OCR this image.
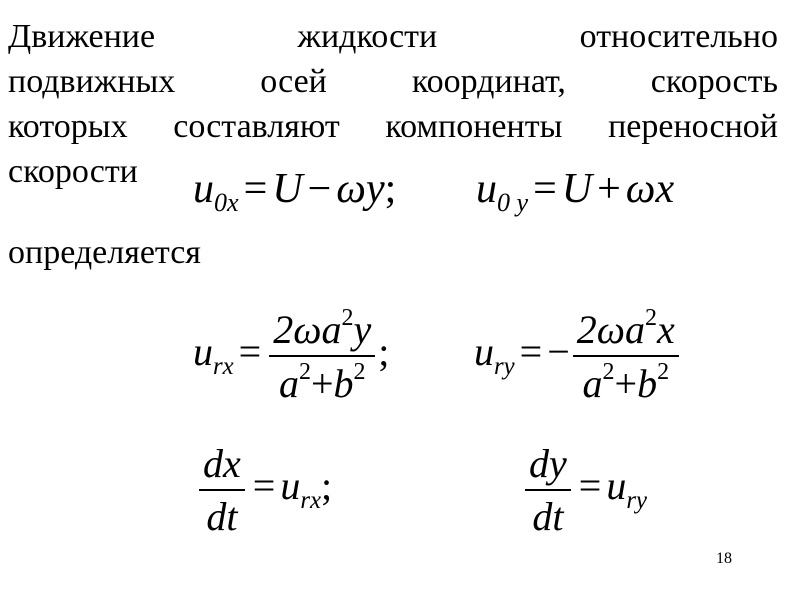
Движение жидкости относительно
подвижных осей координат, скорость
которых составляют компоненты переносной
скорости	$u_{0x} = U - \omega y$; $u_{0 y} = U + \omega x$
определяется
$u_{rx} = \frac{2\omega a^2y}{a^2+b^2}$ ; $u_{ry}$ = − $\frac{2\omega a^2x}{a^2+b^2}$
$\frac{dx}{dt} = u_{rx}$;	$\frac{dy}{dt} = u_{ry}$
18
